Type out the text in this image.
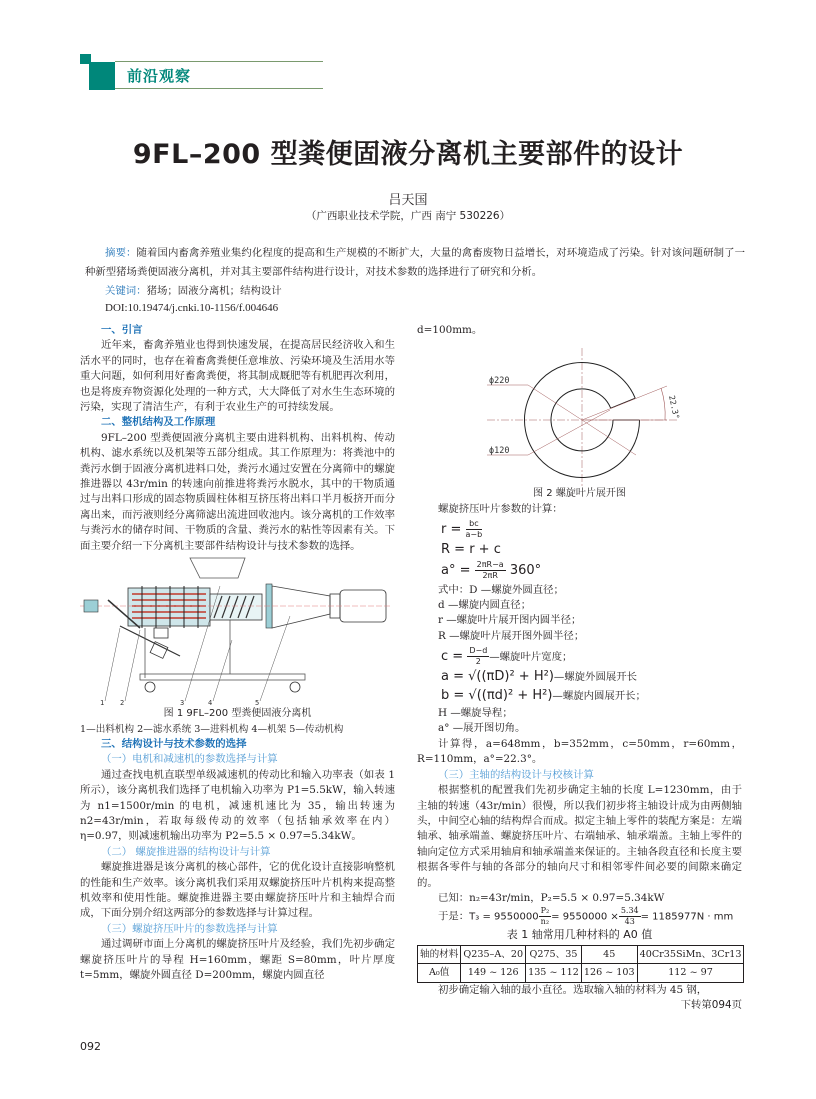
前沿观察
9FL–200 型粪便固液分离机主要部件的设计
吕天国
（广西职业技术学院，广西 南宁 530226）
摘要：随着国内畜禽养殖业集约化程度的提高和生产规模的不断扩大，大量的禽畜废物日益增长，对环境造成了污染。针对该问题研制了一种新型猪场粪便固液分离机，并对其主要部件结构进行设计，对技术参数的选择进行了研究和分析。
关键词：猪场；固液分离机；结构设计
DOI:10.19474/j.cnki.10-1156/f.004646
一、引言

近年来，畜禽养殖业也得到快速发展，在提高居民经济收入和生活水平的同时，也存在着畜禽粪便任意堆放、污染环境及生活用水等重大问题，如何利用好畜禽粪便，将其制成厩肥等有机肥再次利用，也是将废弃物资源化处理的一种方式，大大降低了对水生生态环境的污染，实现了清洁生产，有利于农业生产的可持续发展。

二、整机结构及工作原理

9FL–200 型粪便固液分离机主要由进料机构、出料机构、传动机构、滤水系统以及机架等五部分组成。其工作原理为：将粪池中的粪污水倒于固液分离机进料口处，粪污水通过安置在分离筛中的螺旋推进器以 43r/min 的转速向前推进将粪污水脱水，其中的干物质通过与出料口形成的固态物质圆柱体相互挤压将出料口半月板挤开而分离出来，而污液则经分离筛滤出流进回收池内。该分离机的工作效率与粪污水的储存时间、干物质的含量、粪污水的粘性等因素有关。下面主要介绍一下分离机主要部件结构设计与技术参数的选择。

1 2	3	4	5
图 1 9FL–200 型粪便固液分离机
1—出料机构 2—滤水系统 3—进料机构 4—机架 5—传动机构
三、结构设计与技术参数的选择
（一）电机和减速机的参数选择与计算

通过查找电机直联型单级减速机的传动比和输入功率表（如表 1 所示），该分离机我们选择了电机输入功率为 P1=5.5kW，输入转速为 n1=1500r/min 的电机，减速机速比为 35，输出转速为 n2=43r/min，若取每级传动的效率（包括轴承效率在内）η=0.97，则减速机输出功率为 P2=5.5 × 0.97=5.34kW。

（二） 螺旋推进器的结构设计与计算

螺旋推进器是该分离机的核心部件，它的优化设计直接影响整机的性能和生产效率。该分离机我们采用双螺旋挤压叶片机构来提高整机效率和使用性能。螺旋推进器主要由螺旋挤压叶片和主轴焊合而成，下面分别介绍这两部分的参数选择与计算过程。

（三）螺旋挤压叶片的参数选择与计算

通过调研市面上分离机的螺旋挤压叶片及经验，我们先初步确定螺旋挤压叶片的导程 H=160mm，螺距 S=80mm，叶片厚度 t=5mm，螺旋外圆直径 D=200mm，螺旋内圆直径

d=100mm。
ϕ220
ϕ120
22.3°
图 2 螺旋叶片展开图

螺旋挤压叶片参数的计算：

$r = \frac{bc}{a-b}$
R = r + c
$a^\circ = \frac{2\pi R-a}{2\pi R} 360^\circ$

式中：D —螺旋外圆直径；

d —螺旋内圆直径；

r —螺旋叶片展开图内圆半径；

R —螺旋叶片展开图外圆半径；

$c = \frac{D-d}{2}$ —螺旋叶片宽度；
a = √((πD)² + H²)—螺旋外圆展开长
b = √((πd)² + H²)—螺旋内圆展开长；

H —螺旋导程；

a° —展开图切角。

计算得，a=648mm，b=352mm，c=50mm，r=60mm，R=110mm，a°=22.3°。

（三）主轴的结构设计与校核计算

根据整机的配置我们先初步确定主轴的长度 L=1230mm，由于主轴的转速（43r/min）很慢，所以我们初步将主轴设计成为由两侧轴头，中间空心轴的结构焊合而成。拟定主轴上零件的装配方案是：左端轴承、轴承端盖、螺旋挤压叶片、右端轴承、轴承端盖。主轴上零件的轴向定位方式采用轴肩和轴承端盖来保证的。主轴各段直径和长度主要根据各零件与轴的各部分的轴向尺寸和相邻零件间必要的间隙来确定的。

已知：n₂=43r/min，P₂=5.5 × 0.97=5.34kW

于是：$T_3 = 9550000 \frac{\text{P₂}}{\text{n₂}} = 9550000 \times \frac{5.34}{43} = 1185977N$ · mm

表 1 轴常用几种材料的 A0 值
轴的材料	Q235–A、20	Q275、35	45	40Cr35SiMn、3Cr13
A₀值	149 ~ 126	135 ~ 112	126 ~ 103	112 ~ 97

初步确定输入轴的最小直径。选取输入轴的材料为 45 钢，

下转第094页
092
